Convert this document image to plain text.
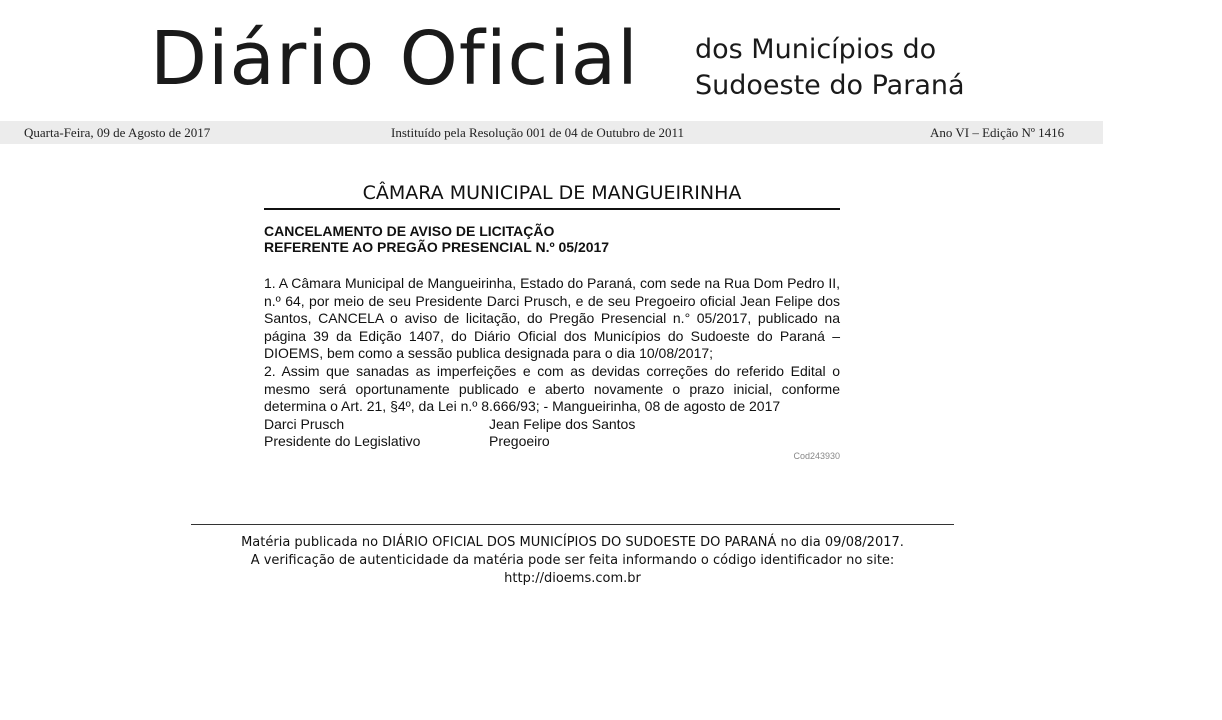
Diário Oficial dos Municípios do
Sudoeste do Paraná
Quarta-Feira, 09 de Agosto de 2017	Instituído pela Resolução 001 de 04 de Outubro de 2011	Ano VI – Edição Nº 1416
CÂMARA MUNICIPAL DE MANGUEIRINHA
CANCELAMENTO DE AVISO DE LICITAÇÃO
REFERENTE AO PREGÃO PRESENCIAL N.º 05/2017

1. A Câmara Municipal de Mangueirinha, Estado do Paraná, com sede na Rua Dom Pedro II, n.º 64, por meio de seu Presidente Darci Prusch, e de seu Pregoeiro oficial Jean Felipe dos Santos, CANCELA o aviso de licitação, do Pregão Presencial n.° 05/2017, publicado na página 39 da Edição 1407, do Diário Oficial dos Municípios do Sudoeste do Paraná – DIOEMS, bem como a sessão publica designada para o dia 10/08/2017;

2. Assim que sanadas as imperfeições e com as devidas correções do referido Edital o mesmo será oportunamente publicado e aberto novamente o prazo inicial, conforme determina o Art. 21, §4º, da Lei n.º 8.666/93; - Mangueirinha, 08 de agosto de 2017

Darci Prusch	Jean Felipe dos Santos
Presidente do Legislativo	Pregoeiro
Cod243930
Matéria publicada no DIÁRIO OFICIAL DOS MUNICÍPIOS DO SUDOESTE DO PARANÁ no dia 09/08/2017.
A verificação de autenticidade da matéria pode ser feita informando o código identificador no site:
http://dioems.com.br
